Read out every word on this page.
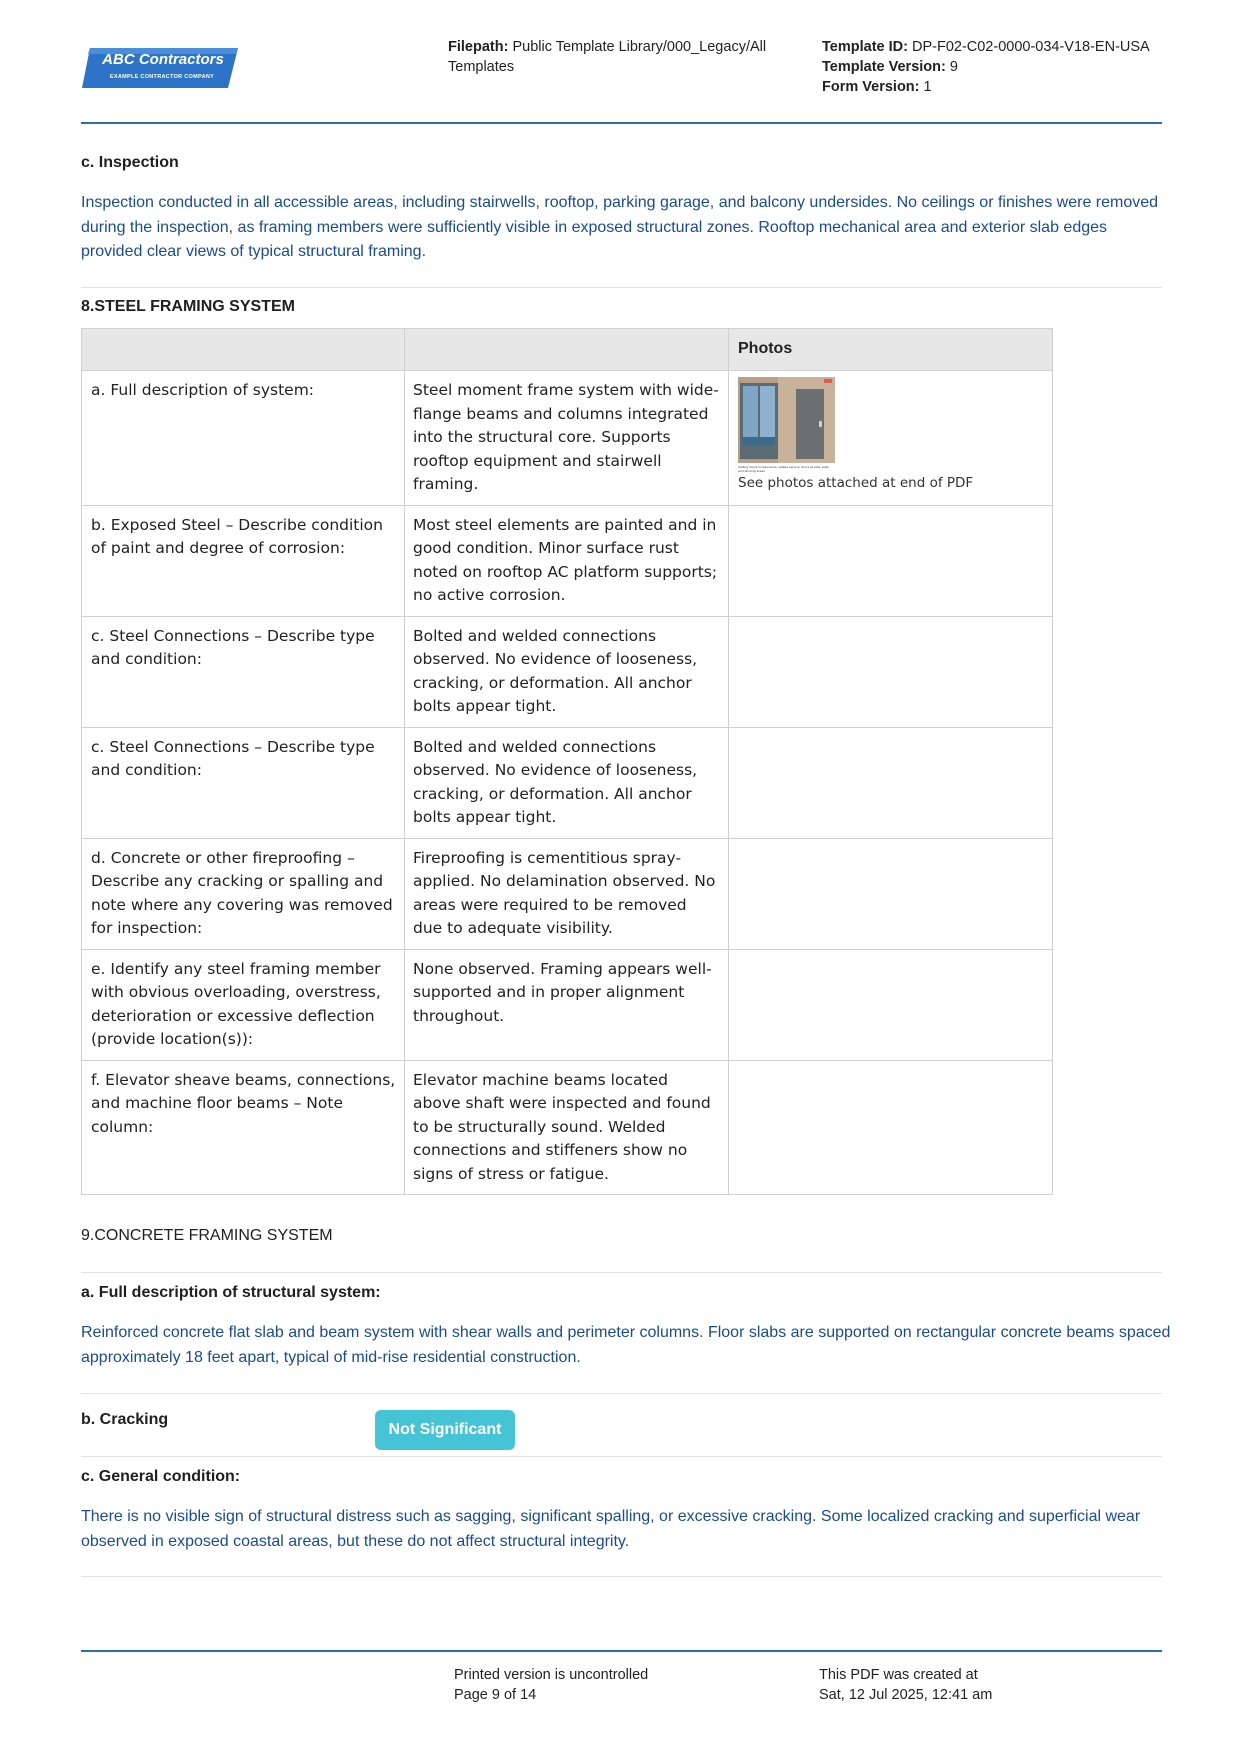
ABC Contractors
EXAMPLE CONTRACTOR COMPANY
Filepath: Public Template Library/000_Legacy/All Templates
Template ID: DP-F02-C02-0000-034-V18-EN-USA
Template Version: 9
Form Version: 1
c. Inspection
Inspection conducted in all accessible areas, including stairwells, rooftop, parking garage, and balcony undersides. No ceilings or finishes were removed during the inspection, as framing members were sufficiently visible in exposed structural zones. Rooftop mechanical area and exterior slab edges provided clear views of typical structural framing.
8.STEEL FRAMING SYSTEM
		Photos
a. Full description of system:	Steel moment frame system with wide-flange beams and columns integrated into the structural core. Supports rooftop equipment and stairwell framing.	Sliding doors to balconies, visible service doors at stair exits and landing areas
See photos attached at end of PDF

b. Exposed Steel – Describe condition of paint and degree of corrosion:	Most steel elements are painted and in good condition. Minor surface rust noted on rooftop AC platform supports; no active corrosion.	
c. Steel Connections – Describe type and condition:	Bolted and welded connections observed. No evidence of looseness, cracking, or deformation. All anchor bolts appear tight.	
c. Steel Connections – Describe type and condition:	Bolted and welded connections observed. No evidence of looseness, cracking, or deformation. All anchor bolts appear tight.	
d. Concrete or other fireproofing – Describe any cracking or spalling and note where any covering was removed for inspection:	Fireproofing is cementitious spray-applied. No delamination observed. No areas were required to be removed due to adequate visibility.	
e. Identify any steel framing member with obvious overloading, overstress, deterioration or excessive deflection (provide location(s)):	None observed. Framing appears well-supported and in proper alignment throughout.	
f. Elevator sheave beams, connections, and machine floor beams – Note column:	Elevator machine beams located above shaft were inspected and found to be structurally sound. Welded connections and stiffeners show no signs of stress or fatigue.	
9.CONCRETE FRAMING SYSTEM
a. Full description of structural system:
Reinforced concrete flat slab and beam system with shear walls and perimeter columns. Floor slabs are supported on rectangular concrete beams spaced approximately 18 feet apart, typical of mid-rise residential construction.
b. Cracking
Not Significant
c. General condition:
There is no visible sign of structural distress such as sagging, significant spalling, or excessive cracking. Some localized cracking and superficial wear observed in exposed coastal areas, but these do not affect structural integrity.
Printed version is uncontrolled
Page 9 of 14
This PDF was created at
Sat, 12 Jul 2025, 12:41 am
